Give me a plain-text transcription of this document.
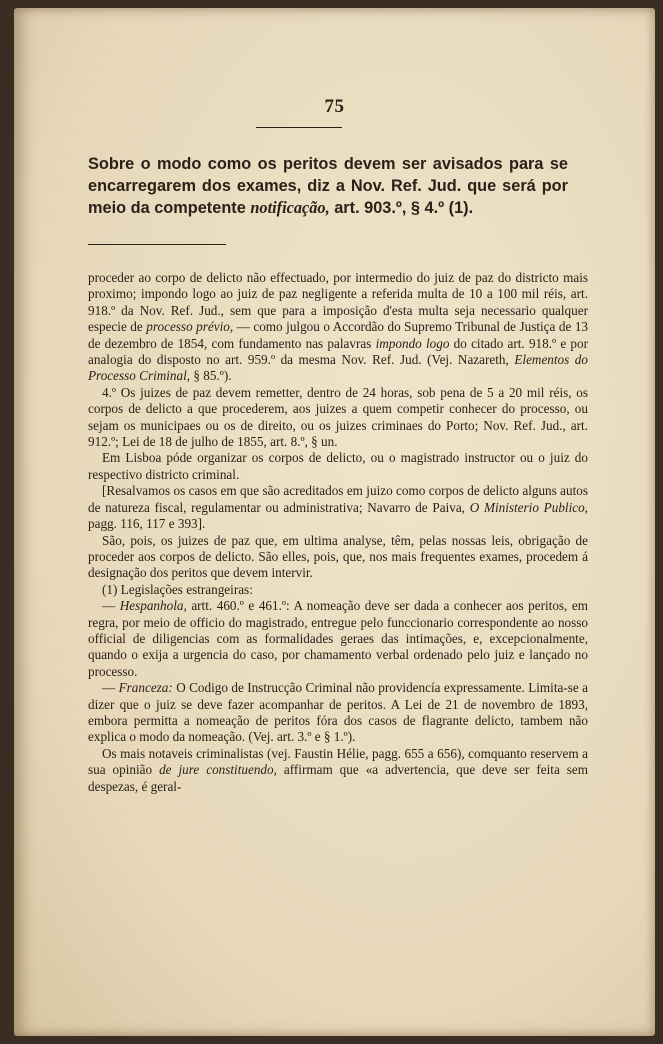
75

Sobre o modo como os peritos devem ser avisados para se encarregarem dos exames, diz a Nov. Ref. Jud. que será por meio da competente notificação, art. 903.º, § 4.º (1).

proceder ao corpo de delicto não effectuado, por intermedio do juiz de paz do districto mais proximo; impondo logo ao juiz de paz negligente a referida multa de 10 a 100 mil réis, art. 918.º da Nov. Ref. Jud., sem que para a imposição d'esta multa seja necessario qualquer especie de processo prévio, — como julgou o Accordão do Supremo Tribunal de Justiça de 13 de dezembro de 1854, com fundamento nas palavras impondo logo do citado art. 918.º e por analogia do disposto no art. 959.º da mesma Nov. Ref. Jud. (Vej. Nazareth, Elementos do Processo Criminal, § 85.º).

4.º Os juizes de paz devem remetter, dentro de 24 horas, sob pena de 5 a 20 mil réis, os corpos de delicto a que procederem, aos juizes a quem competir conhecer do processo, ou sejam os municipaes ou os de direito, ou os juizes criminaes do Porto; Nov. Ref. Jud., art. 912.º; Lei de 18 de julho de 1855, art. 8.º, § un.

Em Lisboa póde organizar os corpos de delicto, ou o magistrado instructor ou o juiz do respectivo districto criminal.

[Resalvamos os casos em que são acreditados em juizo como corpos de delicto alguns autos de natureza fiscal, regulamentar ou administrativa; Navarro de Paiva, O Ministerio Publico, pagg. 116, 117 e 393].

São, pois, os juizes de paz que, em ultima analyse, têm, pelas nossas leis, obrigação de proceder aos corpos de delicto. São elles, pois, que, nos mais frequentes exames, procedem á designação dos peritos que devem intervir.

(1) Legislações estrangeiras:

— Hespanhola, artt. 460.º e 461.º: A nomeação deve ser dada a conhecer aos peritos, em regra, por meio de officio do magistrado, entregue pelo funccionario correspondente ao nosso official de diligencias com as formalidades geraes das intimações, e, excepcionalmente, quando o exija a urgencia do caso, por chamamento verbal ordenado pelo juiz e lançado no processo.

— Franceza: O Codigo de Instrucção Criminal não providencía expressamente. Limita-se a dizer que o juiz se deve fazer acompanhar de peritos. A Lei de 21 de novembro de 1893, embora permitta a nomeação de peritos fóra dos casos de flagrante delicto, tambem não explica o modo da nomeação. (Vej. art. 3.º e § 1.º).

Os mais notaveis criminalistas (vej. Faustin Hélie, pagg. 655 a 656), comquanto reservem a sua opinião de jure constituendo, affirmam que «a advertencia, que deve ser feita sem despezas, é geral-
